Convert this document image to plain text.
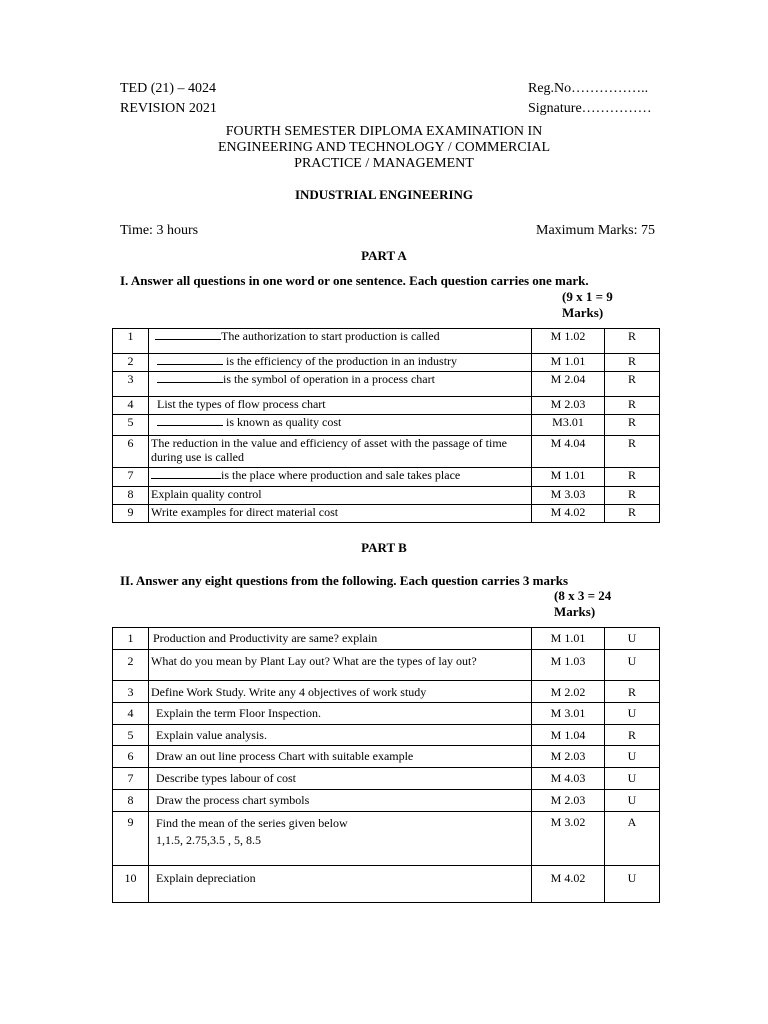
TED (21) – 4024
REVISION 2021
Reg.No……………..
Signature……………
FOURTH SEMESTER DIPLOMA EXAMINATION IN
ENGINEERING AND TECHNOLOGY / COMMERCIAL
PRACTICE / MANAGEMENT
INDUSTRIAL ENGINEERING
Time: 3 hours	Maximum Marks: 75
PART A
I. Answer all questions in one word or one sentence. Each question carries one mark.
(9 x 1 = 9
Marks)
1	The authorization to start production is called	M 1.02	R
2	is the efficiency of the production in an industry	M 1.01	R
3	is the symbol of operation in a process chart	M 2.04	R
4	List the types of flow process chart	M 2.03	R
5	is known as quality cost	M3.01	R
6	The reduction in the value and efficiency of asset with the passage of time during use is called	M 4.04	R
7	is the place where production and sale takes place	M 1.01	R
8	Explain quality control	M 3.03	R
9	Write examples for direct material cost	M 4.02	R
PART B
II. Answer any eight questions from the following. Each question carries 3 marks
(8 x 3 = 24
Marks)
1	Production and Productivity are same? explain	M 1.01	U
2	What do you mean by Plant Lay out? What are the types of lay out?	M 1.03	U
3	Define Work Study. Write any 4 objectives of work study	M 2.02	R
4	Explain the term Floor Inspection.	M 3.01	U
5	Explain value analysis.	M 1.04	R
6	Draw an out line process Chart with suitable example	M 2.03	U
7	Describe types labour of cost	M 4.03	U
8	Draw the process chart symbols	M 2.03	U
9	Find the mean of the series given below
1,1.5, 2.75,3.5 , 5, 8.5	M 3.02	A
10	Explain depreciation	M 4.02	U
